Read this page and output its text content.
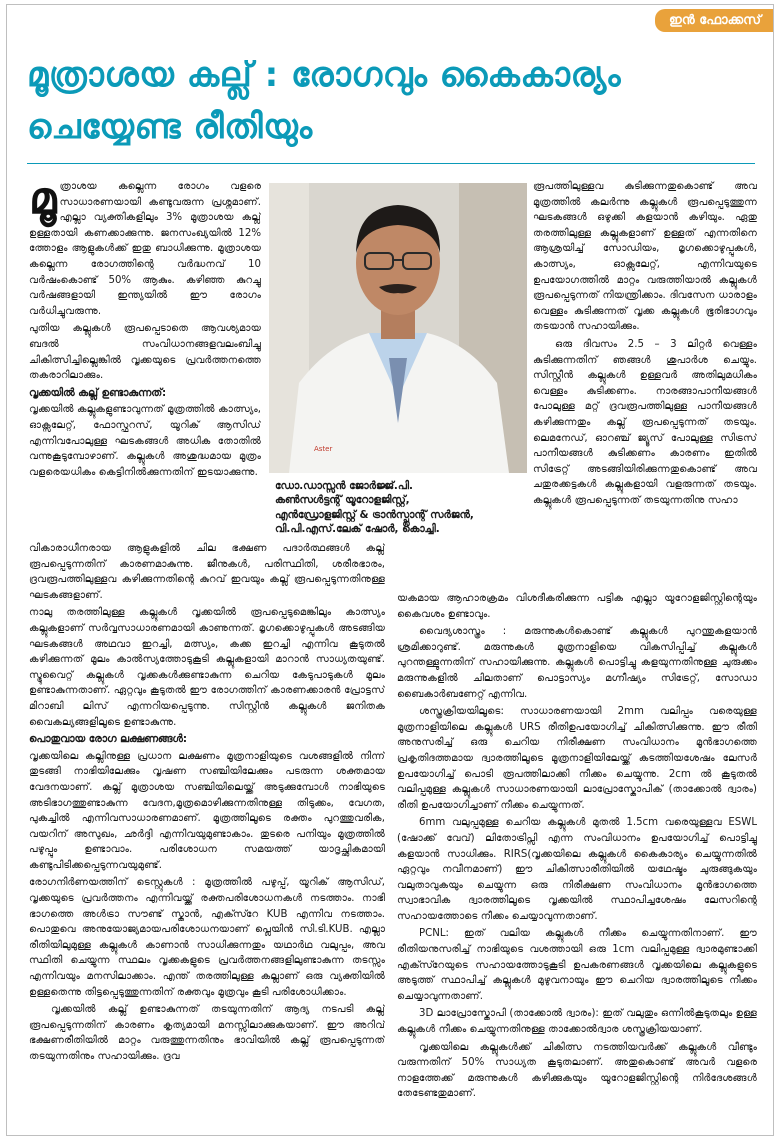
ഇൻ ഫോക്കസ്
മൂത്രാശയ കല്ല് : രോഗവും കൈകാര്യം ചെയ്യേണ്ട രീതിയും

മൂ ത്രാശയ കല്ലെന്ന രോഗം വളരെ സാധാരണയായി കണ്ടുവരുന്ന പ്രശ്നമാണ്. എല്ലാ വ്യക്തികളിലും 3% മൂത്രാശയ കല്ല് ഉള്ളതായി കണക്കാക്കുന്നു. ജനസംഖ്യയിൽ 12% ത്തോളം ആളുകൾക്ക് ഇതു ബാധിക്കുന്നു. മൂത്രാശയ കല്ലെന്ന രോഗത്തിന്റെ വർദ്ധനവ് 10 വർഷംകൊണ്ട് 50% ആകും. കഴിഞ്ഞ കുറച്ചു വർഷങ്ങളായി ഇന്ത്യയിൽ ഈ രോഗം വർധിച്ചുവരുന്നു.

പുതിയ കല്ലുകൾ രൂപപ്പെടാതെ ആവശ്യമായ ബദൽ സംവിധാനങ്ങളവലംബിച്ചു ചികിത്സിച്ചില്ലെങ്കിൽ വൃക്കയുടെ പ്രവർത്തനത്തെ തകരാറിലാക്കും.

വൃക്കയിൽ കല്ല് ഉണ്ടാകുന്നത്:

വൃക്കയിൽ കല്ലുകളുണ്ടാവുന്നത് മൂത്രത്തിൽ കാത്സ്യം, ഓക്സലേറ്റ്, ഫോസ്ഫറസ്, യൂറിക് ആസിഡ് എന്നിവപോലുള്ള ഘടകങ്ങൾ അധിക തോതിൽ വന്നുകൂടുമ്പോഴാണ്. കല്ലുകൾ അശുദ്ധമായ മൂത്രം വളരെയധികം കെട്ടിനിൽക്കുന്നതിന് ഇടയാക്കുന്നു.

Aster
ഡോ.ഡാസ്സൻ ജോർജ്ജ്.പി.
കൺസൾട്ടന്റ് യൂറോളജിസ്റ്റ്,
എൻഡ്രോളജിസ്റ്റ് & ട്രാൻസ്പ്ലാന്റ് സർജൻ,
വി.പി.എസ്.ലേക് ഷോർ, കൊച്ചി.

രൂപത്തിലുള്ളവ കുടിക്കുന്നതുകൊണ്ട് അവ മൂത്രത്തിൽ കലർന്നു കല്ലുകൾ രൂപപ്പെടുത്തുന്ന ഘടകങ്ങൾ ഒഴുക്കി കളയാൻ കഴിയും. ഏതു തരത്തിലുള്ള കല്ലുകളാണ് ഉള്ളത് എന്നതിനെ ആശ്രയിച്ച് സോഡിയം, മൃഗക്കൊഴുപ്പുകൾ, കാത്സ്യം, ഓക്സലേറ്റ്, എന്നിവയുടെ ഉപയോഗത്തിൽ മാറ്റം വരുത്തിയാൽ കല്ലുകൾ രൂപപ്പെടുന്നത് നിയന്ത്രിക്കാം. ദിവസേന ധാരാളം വെള്ളം കുടിക്കുന്നത് വൃക്ക കല്ലുകൾ ഭൂരിഭാഗവും തടയാൻ സഹായിക്കും.

ഒരു ദിവസം 2.5 – 3 ലിറ്റർ വെള്ളം കുടിക്കുന്നതിന് ഞങ്ങൾ ശുപാർശ ചെയ്യും. സിസ്റ്റീൻ കല്ലുകൾ ഉള്ളവർ അതിലുമധികം വെള്ളം കുടിക്കണം. നാരങ്ങാപാനീയങ്ങൾ പോലുള്ള മറ്റ് ദ്രവരൂപത്തിലുള്ള പാനീയങ്ങൾ കഴിക്കുന്നതും കല്ല് രൂപപ്പെടുന്നത് തടയും. ലെമനേഡ്, ഓറഞ്ച് ജ്യൂസ് പോലുള്ള സിട്രസ് പാനീയങ്ങൾ കുടിക്കണം കാരണം ഇതിൽ സിട്രേറ്റ് അടങ്ങിയിരിക്കുന്നതുകൊണ്ട് അവ ചതുരക്കട്ടകൾ കല്ലുകളായി വളരുന്നത് തടയും. കല്ലുകൾ രൂപപ്പെടുന്നത് തടയുന്നതിനു സഹാ

വികാരാധീനരായ ആളുകളിൽ ചില ഭക്ഷണ പദാർത്ഥങ്ങൾ കല്ല് രൂപപ്പെടുന്നതിന് കാരണമാകുന്നു. ജീനുകൾ, പരിസ്ഥിതി, ശരീരഭാരം, ദ്രവരൂപത്തിലുള്ളവ കഴിക്കുന്നതിന്റെ കുറവ് ഇവയും കല്ല് രൂപപ്പെടുന്നതിനുള്ള ഘടകങ്ങളാണ്.

നാലു തരത്തിലുള്ള കല്ലുകൾ വൃക്കയിൽ രൂപപ്പെടുമെങ്കിലും കാത്സ്യം കല്ലുകളാണ് സർവ്വസാധാരണമായി കാണുന്നത്. മൃഗക്കൊഴുപ്പുകൾ അടങ്ങിയ ഘടകങ്ങൾ അഥവാ ഇറച്ചി, മത്സ്യം, കക്ക ഇറച്ചി എന്നിവ കൂടുതൽ കഴിക്കുന്നത് മൂലം കാൽസ്യത്തോടുകൂടി കല്ലുകളായി മാറാൻ സാധ്യതയുണ്ട്. സ്ട്രുവൈറ്റ് കല്ലുകൾ വൃക്കകൾക്കുണ്ടാകുന്ന ചെറിയ കേടുപാടുകൾ മൂലം ഉണ്ടാകുന്നതാണ്. ഏറ്റവും കൂടുതൽ ഈ രോഗത്തിന് കാരണക്കാരൻ പ്രോട്ടസ് മിറാബി ലിസ് എന്നറിയപ്പെടുന്നു. സിസ്റ്റീൻ കല്ലുകൾ ജനിതക വൈകല്യങ്ങളിലൂടെ ഉണ്ടാകുന്നു.

പൊതുവായ രോഗ ലക്ഷണങ്ങൾ:

വൃക്കയിലെ കല്ലിനുള്ള പ്രധാന ലക്ഷണം മൂത്രനാളിയുടെ വശങ്ങളിൽ നിന്ന് തുടങ്ങി നാഭിയിലേക്കും വൃഷണ സഞ്ചിയിലേക്കും പടരുന്ന ശക്തമായ വേദനയാണ്. കല്ല് മൂത്രാശയ സഞ്ചിയിലെയ്ക്ക് അടുക്കുമ്പോൾ നാഭിയുടെ അടിഭാഗത്തുണ്ടാകുന്ന വേദന,മൂത്രമൊഴിക്കുന്നതിനുള്ള തിടുക്കം, വേഗത, പുകച്ചിൽ എന്നിവസാധാരണമാണ്. മൂത്രത്തിലൂടെ രക്തം പുറത്തുവരിക, വയറിന് അസുഖം, ഛർദ്ദി എന്നിവയുമുണ്ടാകാം. തുടരെ പനിയും മൂത്രത്തിൽ പഴുപ്പും ഉണ്ടാവാം. പരിശോധന സമയത്ത് യാദൃച്ഛികമായി കണ്ടുപിടിക്കപ്പെടുന്നവയുമുണ്ട്.

രോഗനിർണയത്തിന് ടെസ്റ്റുകൾ : മൂത്രത്തിൽ പഴുപ്പ്, യൂറിക് ആസിഡ്, വൃക്കയുടെ പ്രവർത്തനം എന്നിവയ്ക്ക് രക്തപരിശോധനകൾ നടത്താം. നാഭി ഭാഗത്തെ അൾട്രാ സൗണ്ട് സ്കാൻ, എക്സ്റേ KUB എന്നിവ നടത്താം. പൊതുവെ അനുയോജ്യമായപരിശോധനയാണ് പ്ലെയിൻ സി.ടി.KUB. എല്ലാ രീതിയിലുമുള്ള കല്ലുകൾ കാണാൻ സാധിക്കുന്നതും യഥാർഥ വലുപ്പം, അവ സ്ഥിതി ചെയ്യുന്ന സ്ഥലം വൃക്കകളുടെ പ്രവർത്തനങ്ങളിലുണ്ടാകുന്ന തടസ്സം എന്നിവയും മനസിലാക്കാം. എന്ത് തരത്തിലുള്ള കല്ലാണ് ഒരു വ്യക്തിയിൽ ഉള്ളതെന്നു തിട്ടപ്പെടുത്തുന്നതിന് രക്തവും മൂത്രവും കൂടി പരിശോധിക്കാം.

വൃക്കയിൽ കല്ല് ഉണ്ടാകുന്നത് തടയുന്നതിന് ആദ്യ നടപടി കല്ല് രൂപപ്പെടുന്നതിന് കാരണം കൃത്യമായി മനസ്സിലാക്കുകയാണ്. ഈ അറിവ് ഭക്ഷണരീതിയിൽ മാറ്റം വരുത്തുന്നതിനും ഭാവിയിൽ കല്ല് രൂപപ്പെടുന്നത് തടയുന്നതിനും സഹായിക്കും. ദ്രവ

യകമായ ആഹാരക്രമം വിശദീകരിക്കുന്ന പട്ടിക എല്ലാ യൂറോളജിസ്റ്റിന്റെയും കൈവശം ഉണ്ടാവും.

വൈദ്യശാസ്ത്രം : മരുന്നുകൾകൊണ്ട് കല്ലുകൾ പുറന്തുകളയാൻ ശ്രമിക്കാറുണ്ട്. മരുന്നുകൾ മൂത്രനാളിയെ വികസിപ്പിച്ച് കല്ലുകൾ പുറന്തള്ളുന്നതിന് സഹായിക്കുന്നു. കല്ലുകൾ പൊട്ടിച്ചു കളയുന്നതിനുള്ള ചുരുക്കം മരുന്നുകളിൽ ചിലതാണ് പൊട്ടാസ്യം മഗ്നീഷ്യം സിട്രേറ്റ്, സോഡാ ബൈകാർബണേറ്റ് എന്നിവ.

ശസ്ത്രക്രിയയിലൂടെ: സാധാരണയായി 2mm വലിപ്പം വരെയുള്ള മൂത്രനാളിയിലെ കല്ലുകൾ URS രീതിഉപയോഗിച്ച് ചികിത്സിക്കുന്നു. ഈ രീതി അനുസരിച്ച് ഒരു ചെറിയ നിരീക്ഷണ സംവിധാനം മൂൻഭാഗത്തെ പ്രകൃതിദത്തമായ ദ്വാരത്തിലൂടെ മൂത്രനാളിയിലേയ്ക്ക് കടത്തിയശേഷം ലേസർ ഉപയോഗിച്ച് പൊടി രൂപത്തിലാക്കി നീക്കം ചെയ്യുന്നു. 2cm ൽ കൂടുതൽ വലിപ്പമുള്ള കല്ലുകൾ സാധാരണയായി ലാപ്രോസ്കോപിക് (താക്കോൽ ദ്വാരം) രീതി ഉപയോഗിച്ചാണ് നീക്കം ചെയ്യുന്നത്.

6mm വലുപ്പമുള്ള ചെറിയ കല്ലുകൾ മുതൽ 1.5cm വരെയുള്ളവ ESWL (ഷോക്ക് വേവ്) ലിതോട്രിപ്സി എന്ന സംവിധാനം ഉപയോഗിച്ച് പൊട്ടിച്ചു കളയാൻ സാധിക്കും. RIRS(വൃക്കയിലെ കല്ലുകൾ കൈകാര്യം ചെയ്യുന്നതിൽ ഏറ്റവും നവീനമാണ്) ഈ ചികിത്സാരീതിയിൽ യഥേഷ്ടം ചുരുങ്ങുകയും വലുതാവുകയും ചെയ്യുന്ന ഒരു നിരീക്ഷണ സംവിധാനം മൂൻഭാഗത്തെ സ്വാഭാവിക ദ്വാരത്തിലൂടെ വൃക്കയിൽ സ്ഥാപിച്ചശേഷം ലേസറിന്റെ സഹായത്തോടെ നീക്കം ചെയ്യാവുന്നതാണ്.

PCNL: ഇത് വലിയ കല്ലുകൾ നീക്കം ചെയ്യുന്നതിനാണ്. ഈ രീതിയനുസരിച്ച് നാഭിയുടെ വശത്തായി ഒരു 1cm വലിപ്പമുള്ള ദ്വാരമുണ്ടാക്കി എക്സ്റേയുടെ സഹായത്തോടുകൂടി ഉപകരണങ്ങൾ വൃക്കയിലെ കല്ലുകളുടെ അടുത്ത് സ്ഥാപിച്ച് കല്ലുകൾ മുഴുവനായും ഈ ചെറിയ ദ്വാരത്തിലൂടെ നീക്കം ചെയ്യാവുന്നതാണ്.

3D ലാപ്രോസ്കോപി (താക്കോൽ ദ്വാരം): ഇത് വലുതും ഒന്നിൽകൂടുതലും ഉള്ള കല്ലുകൾ നീക്കം ചെയ്യുന്നതിനുള്ള താക്കോൽദ്വാര ശസ്ത്രക്രിയയാണ്.

വൃക്കയിലെ കല്ലുകൾക്ക് ചികിത്സ നടത്തിയവർക്ക് കല്ലുകൾ വീണ്ടും വരുന്നതിന് 50% സാധ്യത കൂടുതലാണ്. അതുകൊണ്ട് അവർ വളരെ നാളത്തേക്ക് മരുന്നുകൾ കഴിക്കുകയും യൂറോളജിസ്റ്റിന്റെ നിർദേശങ്ങൾ തേടേണ്ടതുമാണ്.
